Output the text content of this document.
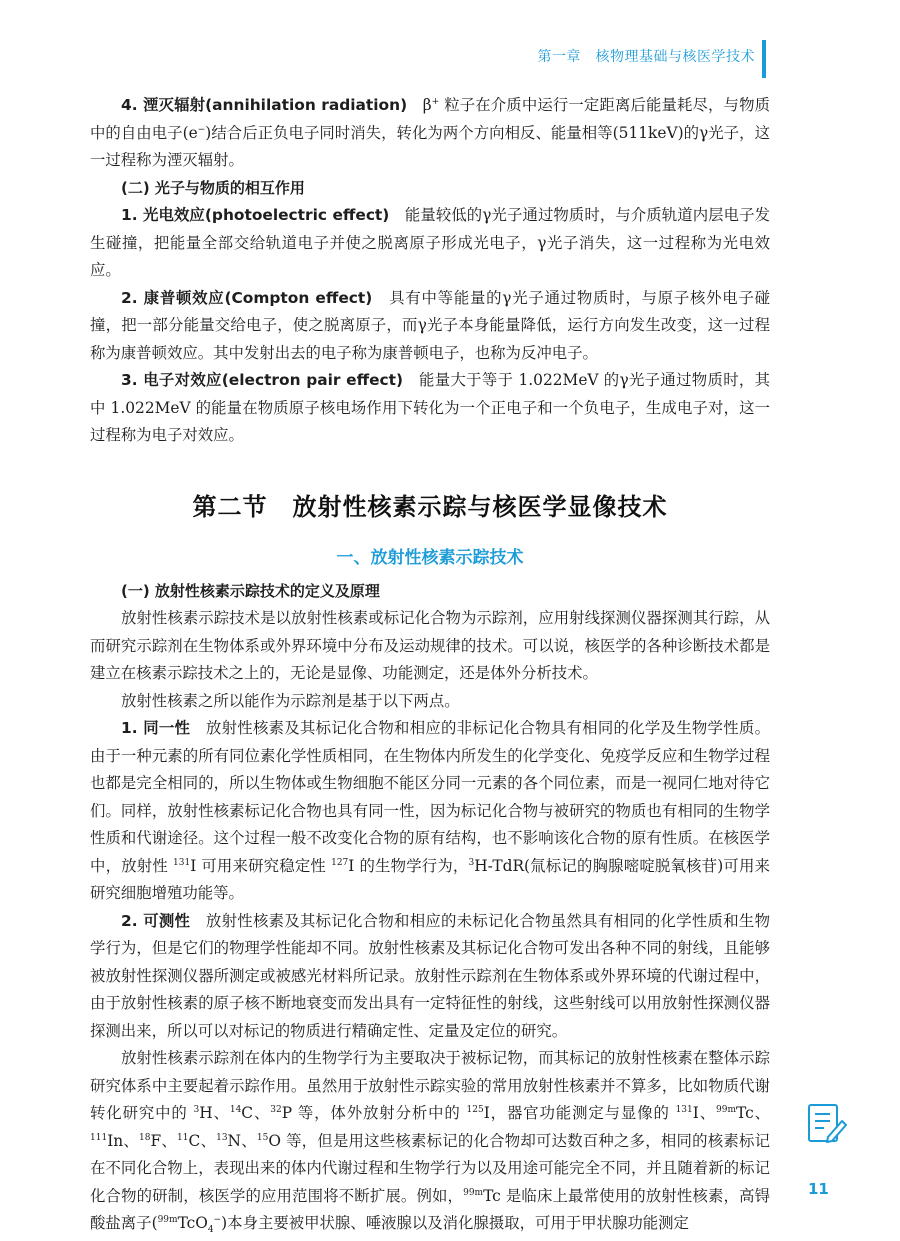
第一章　核物理基础与核医学技术

4. 湮灭辐射(annihilation radiation)　β+ 粒子在介质中运行一定距离后能量耗尽，与物质中的自由电子(e−)结合后正负电子同时消失，转化为两个方向相反、能量相等(511keV)的γ光子，这一过程称为湮灭辐射。

(二) 光子与物质的相互作用

1. 光电效应(photoelectric effect)　能量较低的γ光子通过物质时，与介质轨道内层电子发生碰撞，把能量全部交给轨道电子并使之脱离原子形成光电子，γ光子消失，这一过程称为光电效应。

2. 康普顿效应(Compton effect)　具有中等能量的γ光子通过物质时，与原子核外电子碰撞，把一部分能量交给电子，使之脱离原子，而γ光子本身能量降低，运行方向发生改变，这一过程称为康普顿效应。其中发射出去的电子称为康普顿电子，也称为反冲电子。

3. 电子对效应(electron pair effect)　能量大于等于 1.022MeV 的γ光子通过物质时，其中 1.022MeV 的能量在物质原子核电场作用下转化为一个正电子和一个负电子，生成电子对，这一过程称为电子对效应。

第二节　放射性核素示踪与核医学显像技术

一、放射性核素示踪技术

(一) 放射性核素示踪技术的定义及原理

放射性核素示踪技术是以放射性核素或标记化合物为示踪剂，应用射线探测仪器探测其行踪，从而研究示踪剂在生物体系或外界环境中分布及运动规律的技术。可以说，核医学的各种诊断技术都是建立在核素示踪技术之上的，无论是显像、功能测定，还是体外分析技术。

放射性核素之所以能作为示踪剂是基于以下两点。

1. 同一性　放射性核素及其标记化合物和相应的非标记化合物具有相同的化学及生物学性质。由于一种元素的所有同位素化学性质相同，在生物体内所发生的化学变化、免疫学反应和生物学过程也都是完全相同的，所以生物体或生物细胞不能区分同一元素的各个同位素，而是一视同仁地对待它们。同样，放射性核素标记化合物也具有同一性，因为标记化合物与被研究的物质也有相同的生物学性质和代谢途径。这个过程一般不改变化合物的原有结构，也不影响该化合物的原有性质。在核医学中，放射性 $^{131}$I 可用来研究稳定性 $^{127}$I 的生物学行为，$^3$H-TdR(氚标记的胸腺嘧啶脱氧核苷)可用来研究细胞增殖功能等。

2. 可测性　放射性核素及其标记化合物和相应的未标记化合物虽然具有相同的化学性质和生物学行为，但是它们的物理学性能却不同。放射性核素及其标记化合物可发出各种不同的射线，且能够被放射性探测仪器所测定或被感光材料所记录。放射性示踪剂在生物体系或外界环境的代谢过程中，由于放射性核素的原子核不断地衰变而发出具有一定特征性的射线，这些射线可以用放射性探测仪器探测出来，所以可以对标记的物质进行精确定性、定量及定位的研究。

放射性核素示踪剂在体内的生物学行为主要取决于被标记物，而其标记的放射性核素在整体示踪研究体系中主要起着示踪作用。虽然用于放射性示踪实验的常用放射性核素并不算多，比如物质代谢转化研究中的 $^3$H、$^{14}$C、$^{32}$P 等，体外放射分析中的 $^{125}$I，器官功能测定与显像的 $^{131}$I、$^{99m}$Tc、$^{111}$In、$^{18}$F、$^{11}$C、$^{13}$N、$^{15}$O 等，但是用这些核素标记的化合物却可达数百种之多，相同的核素标记在不同化合物上，表现出来的体内代谢过程和生物学行为以及用途可能完全不同，并且随着新的标记化合物的研制，核医学的应用范围将不断扩展。例如，$^{99m}$Tc 是临床上最常使用的放射性核素，高锝酸盐离子($^{99m}$TcO$_4$−)本身主要被甲状腺、唾液腺以及消化腺摄取，可用于甲状腺功能测定

11
